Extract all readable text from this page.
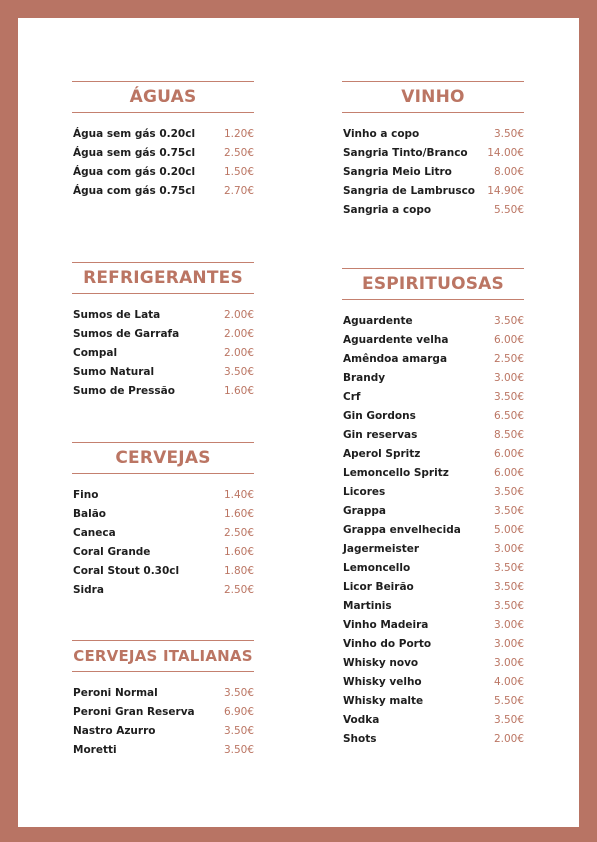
ÁGUAS
Água sem gás 0.20cl	1.20€
Água sem gás 0.75cl	2.50€
Água com gás 0.20cl	1.50€
Água com gás 0.75cl	2.70€
REFRIGERANTES
Sumos de Lata	2.00€
Sumos de Garrafa	2.00€
Compal	2.00€
Sumo Natural	3.50€
Sumo de Pressão	1.60€
CERVEJAS
Fino	1.40€
Balão	1.60€
Caneca	2.50€
Coral Grande	1.60€
Coral Stout 0.30cl	1.80€
Sidra	2.50€
CERVEJAS ITALIANAS
Peroni Normal	3.50€
Peroni Gran Reserva	6.90€
Nastro Azurro	3.50€
Moretti	3.50€
VINHO
Vinho a copo	3.50€
Sangria Tinto/Branco 14.00€
Sangria Meio Litro	8.00€
Sangria de Lambrusco 14.90€
Sangria a copo	5.50€
ESPIRITUOSAS
Aguardente	3.50€
Aguardente velha	6.00€
Amêndoa amarga	2.50€
Brandy	3.00€
Crf	3.50€
Gin Gordons	6.50€
Gin reservas	8.50€
Aperol Spritz	6.00€
Lemoncello Spritz	6.00€
Licores	3.50€
Grappa	3.50€
Grappa envelhecida	5.00€
Jagermeister	3.00€
Lemoncello	3.50€
Licor Beirão	3.50€
Martinis	3.50€
Vinho Madeira	3.00€
Vinho do Porto	3.00€
Whisky novo	3.00€
Whisky velho	4.00€
Whisky malte	5.50€
Vodka	3.50€
Shots	2.00€
